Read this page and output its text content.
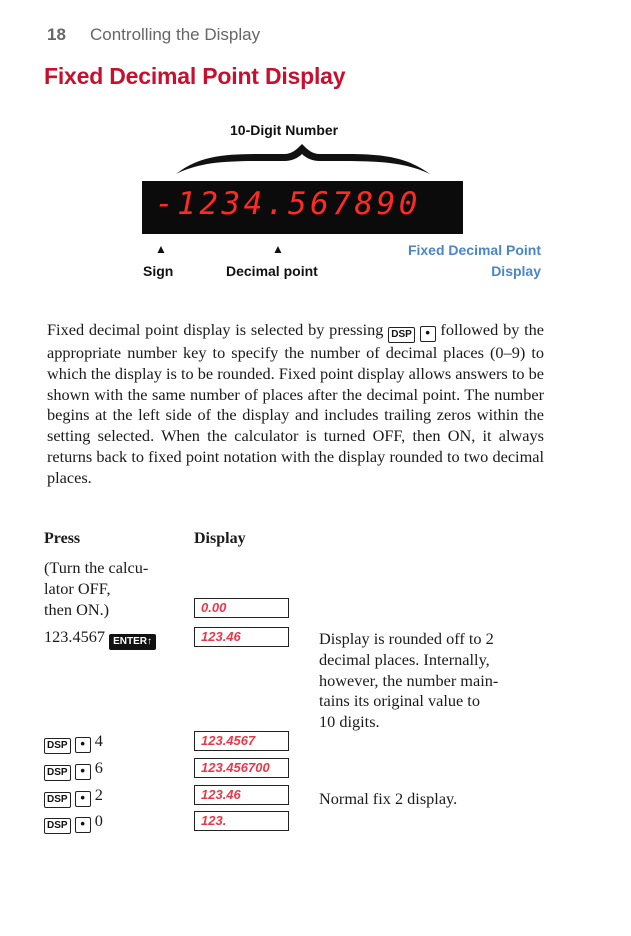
18 Controlling the Display
Fixed Decimal Point Display
10-Digit Number
-1234.567890
▲	▲
Sign	Decimal point
Fixed Decimal Point
Display

Fixed decimal point display is selected by pressing DSP • followed by the appropriate number key to specify the number of decimal places (0–9) to which the display is to be rounded. Fixed point display allows answers to be shown with the same number of places after the decimal point. The number begins at the left side of the display and includes trailing zeros within the setting selected. When the calculator is turned OFF, then ON, it always returns back to fixed point notation with the display rounded to two decimal places.

Press	Display
(Turn the calcu-
lator OFF,
then ON.)	0.00
123.4567 ENTER↑	123.46	Display is rounded off to 2
decimal places. Internally,
however, the number main-
tains its original value to
10 digits.
DSP • 4	123.4567
DSP • 6	123.456700
DSP • 2	123.46	Normal fix 2 display.
DSP • 0	123.
